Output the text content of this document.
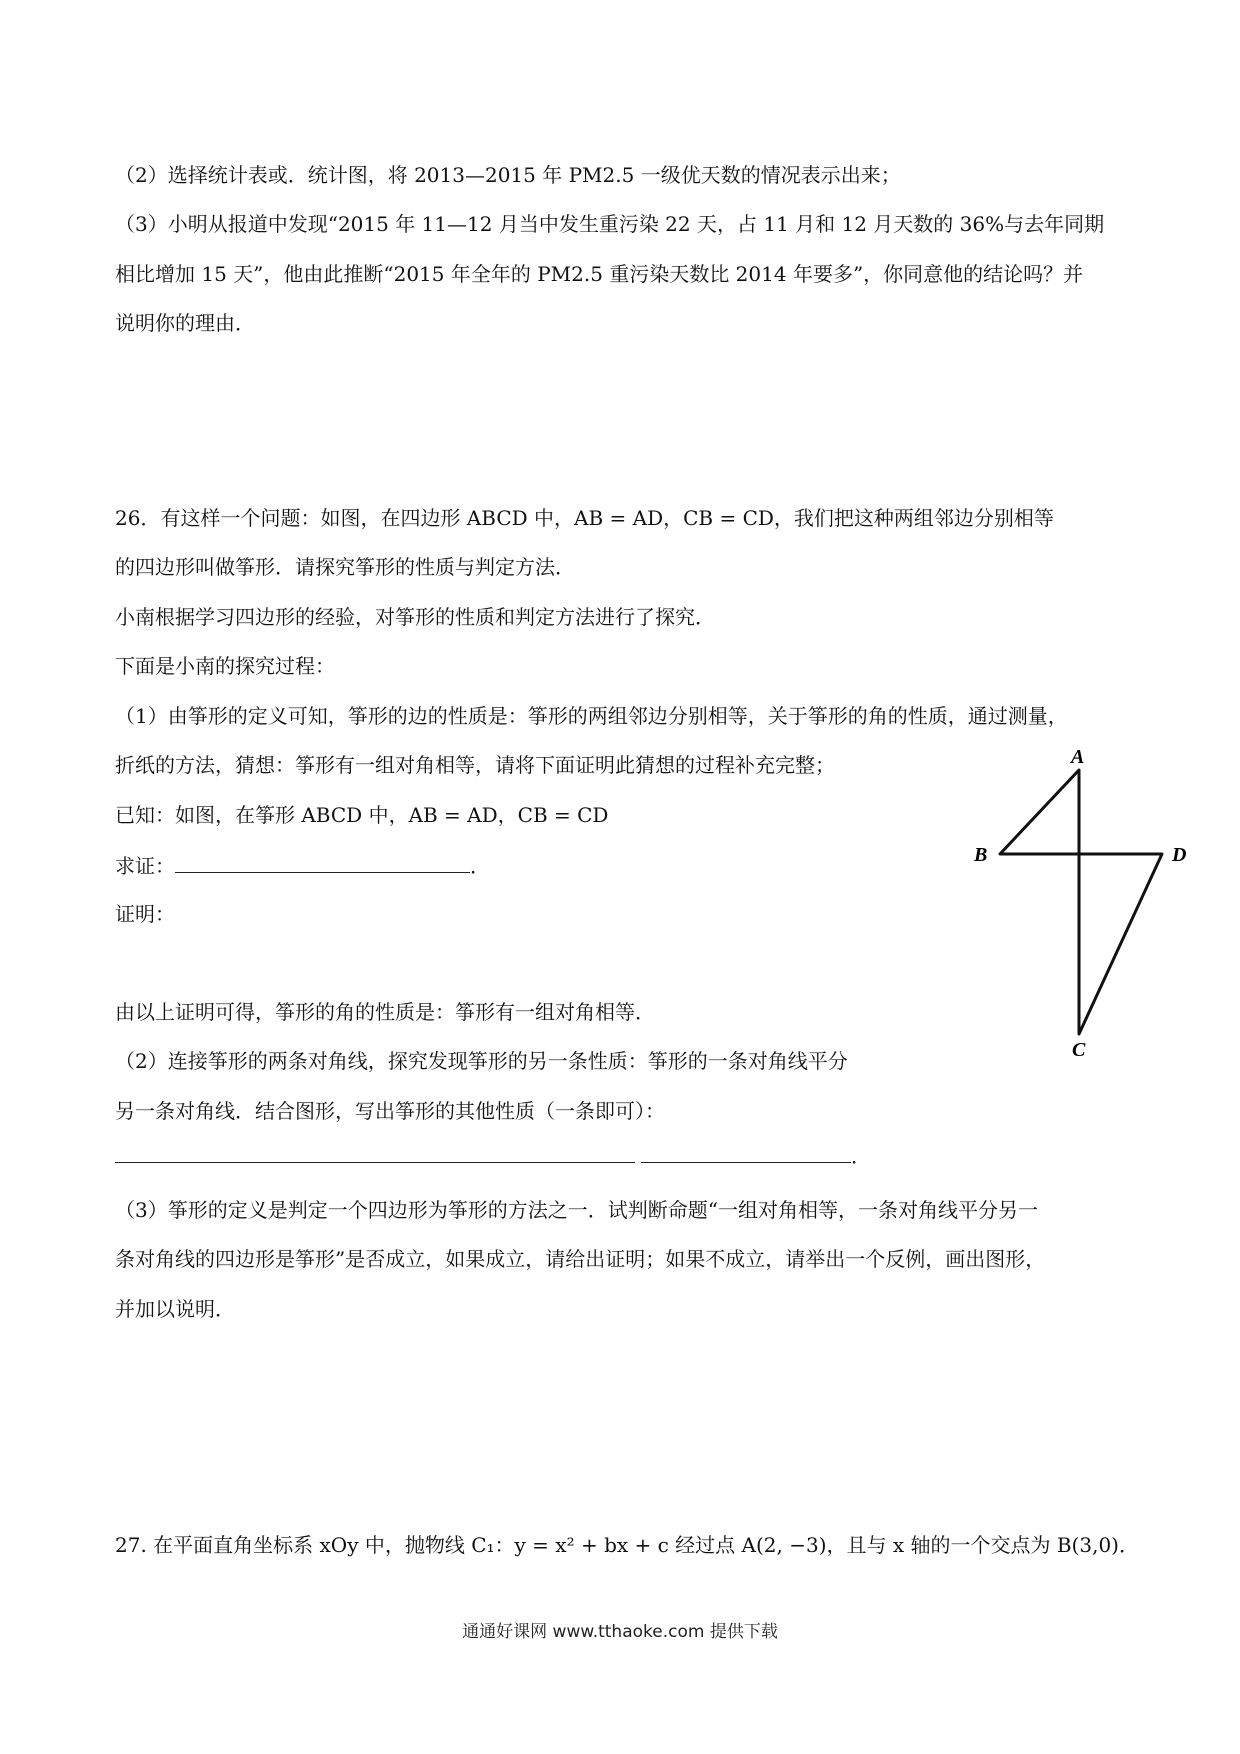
（2）选择统计表或．统计图，将 2013—2015 年 PM2.5 一级优天数的情况表示出来；
（3）小明从报道中发现“2015 年 11—12 月当中发生重污染 22 天，占 11 月和 12 月天数的 36%与去年同期
相比增加 15 天”，他由此推断“2015 年全年的 PM2.5 重污染天数比 2014 年要多”，你同意他的结论吗？并
说明你的理由．
26．有这样一个问题：如图，在四边形 ABCD 中，AB = AD，CB = CD，我们把这种两组邻边分别相等
的四边形叫做筝形．请探究筝形的性质与判定方法．
小南根据学习四边形的经验，对筝形的性质和判定方法进行了探究．
下面是小南的探究过程：
（1）由筝形的定义可知，筝形的边的性质是：筝形的两组邻边分别相等，关于筝形的角的性质，通过测量，
折纸的方法，猜想：筝形有一组对角相等，请将下面证明此猜想的过程补充完整；
已知：如图，在筝形 ABCD 中，AB = AD，CB = CD
求证：	．
证明：
由以上证明可得，筝形的角的性质是：筝形有一组对角相等．
（2）连接筝形的两条对角线，探究发现筝形的另一条性质：筝形的一条对角线平分
另一条对角线．结合图形，写出筝形的其他性质（一条即可）：
．
（3）筝形的定义是判定一个四边形为筝形的方法之一．试判断命题“一组对角相等，一条对角线平分另一
条对角线的四边形是筝形”是否成立，如果成立，请给出证明；如果不成立，请举出一个反例，画出图形，
并加以说明．
A
B	D
C
27. 在平面直角坐标系 xOy 中，抛物线 C₁：y = x² + bx + c 经过点 A(2, −3)，且与 x 轴的一个交点为 B(3,0)．
通通好课网 www.tthaoke.com 提供下载
